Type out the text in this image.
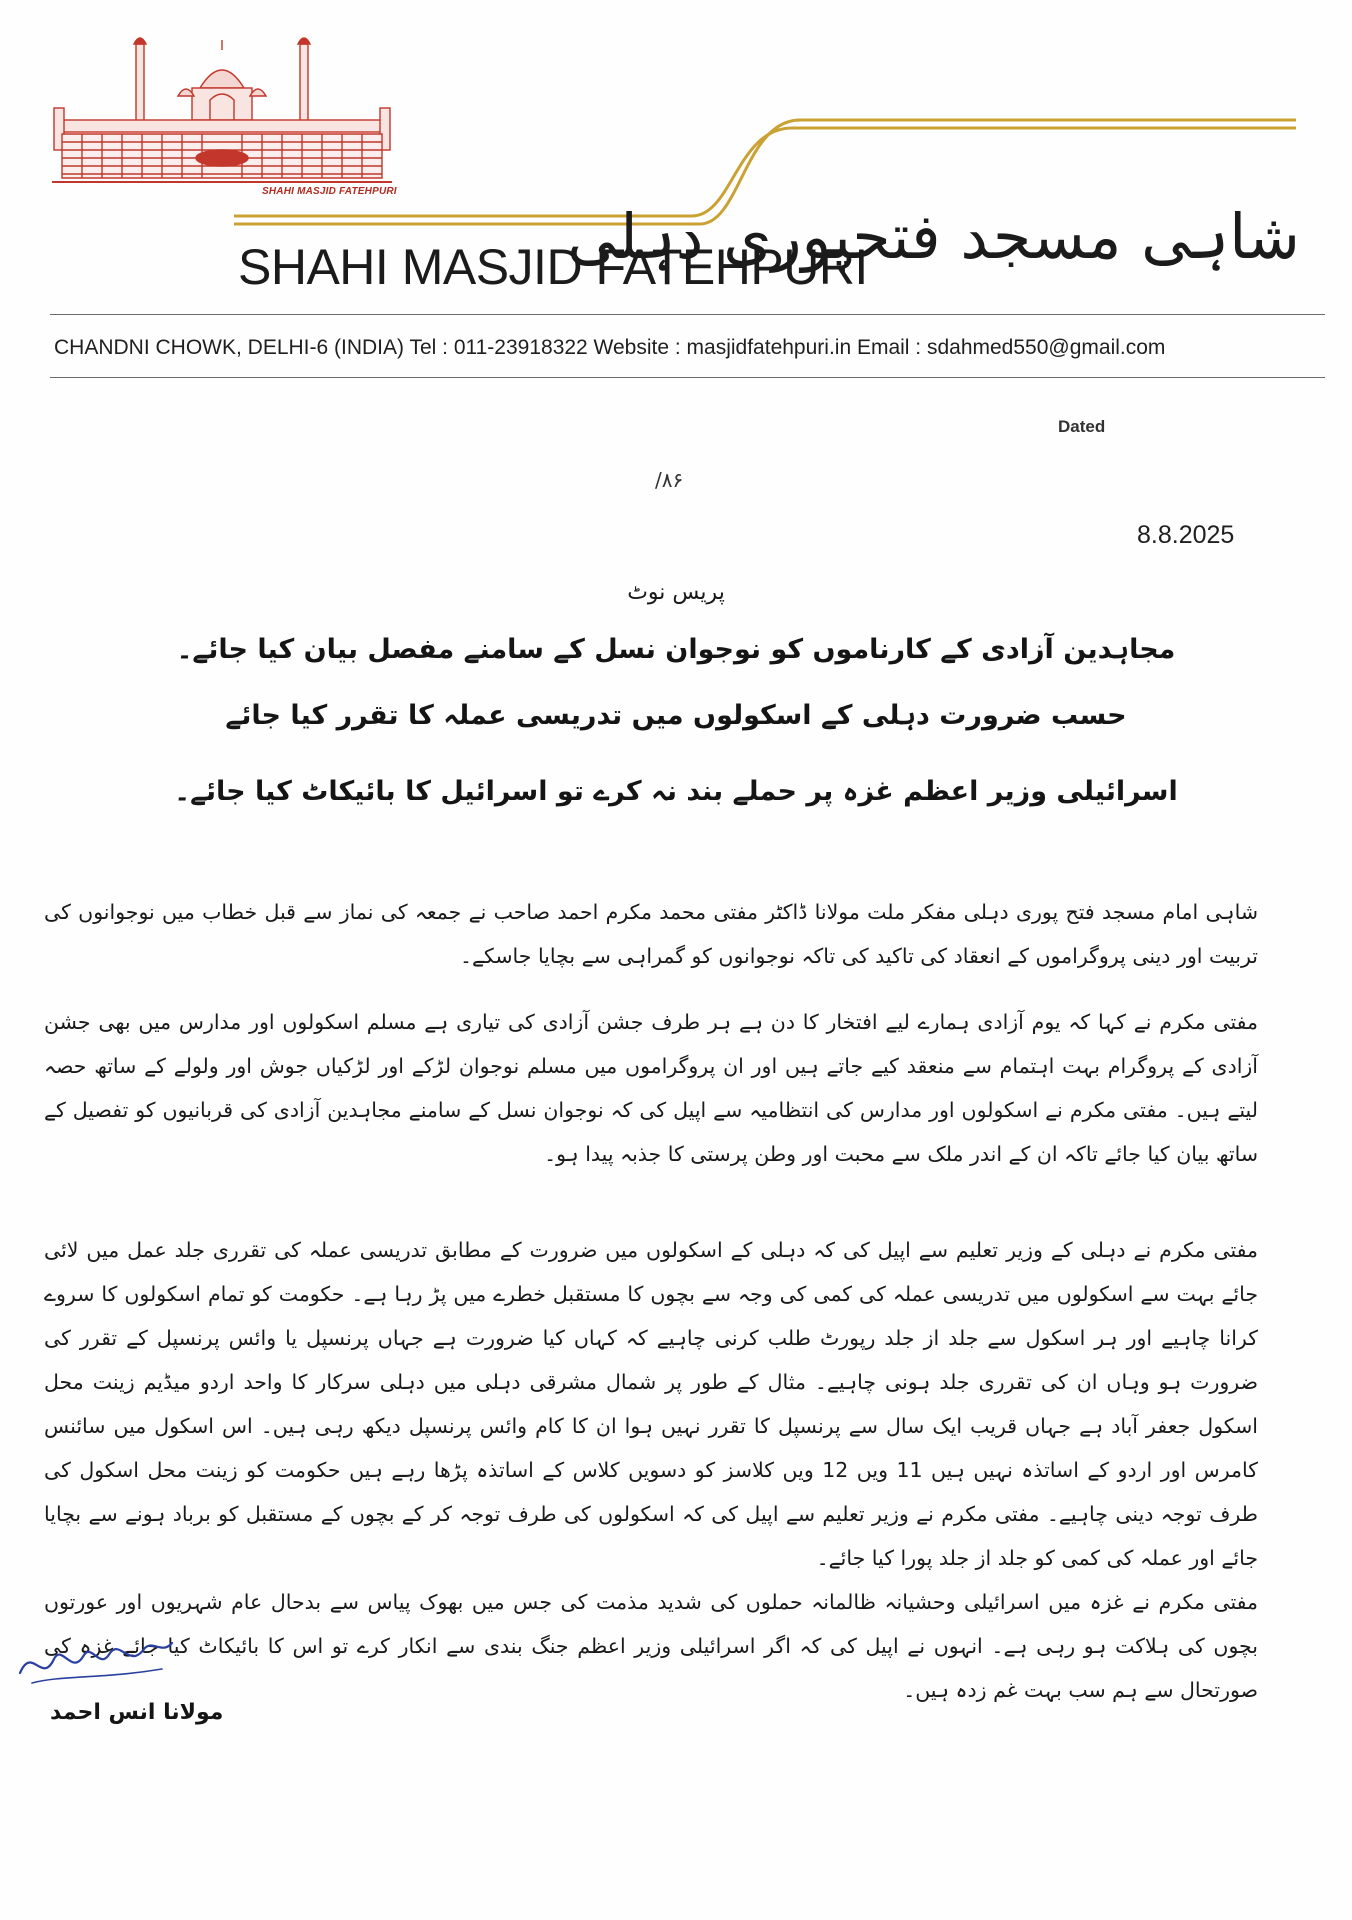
SHAHI MASJID FATEHPURI
SHAHI MASJID FATEHPURI
شاہی مسجد فتحپوری دہلی
CHANDNI CHOWK, DELHI-6 (INDIA) Tel : 011-23918322 Website : masjidfatehpuri.in Email : sdahmed550@gmail.com
Dated
۸۶/
8.8.2025
پریس نوٹ
مجاہدین آزادی کے کارناموں کو نوجوان نسل کے سامنے مفصل بیان کیا جائے۔
حسب ضرورت دہلی کے اسکولوں میں تدریسی عملہ کا تقرر کیا جائے
اسرائیلی وزیر اعظم غزہ پر حملے بند نہ کرے تو اسرائیل کا بائیکاٹ کیا جائے۔

شاہی امام مسجد فتح پوری دہلی مفکر ملت مولانا ڈاکٹر مفتی محمد مکرم احمد صاحب نے جمعہ کی نماز سے قبل خطاب میں نوجوانوں کی تربیت اور دینی پروگراموں کے انعقاد کی تاکید کی تاکہ نوجوانوں کو گمراہی سے بچایا جاسکے۔

مفتی مکرم نے کہا کہ یوم آزادی ہمارے لیے افتخار کا دن ہے ہر طرف جشن آزادی کی تیاری ہے مسلم اسکولوں اور مدارس میں بھی جشن آزادی کے پروگرام بہت اہتمام سے منعقد کیے جاتے ہیں اور ان پروگراموں میں مسلم نوجوان لڑکے اور لڑکیاں جوش اور ولولے کے ساتھ حصہ لیتے ہیں۔ مفتی مکرم نے اسکولوں اور مدارس کی انتظامیہ سے اپیل کی کہ نوجوان نسل کے سامنے مجاہدین آزادی کی قربانیوں کو تفصیل کے ساتھ بیان کیا جائے تاکہ ان کے اندر ملک سے محبت اور وطن پرستی کا جذبہ پیدا ہو۔

مفتی مکرم نے دہلی کے وزیر تعلیم سے اپیل کی کہ دہلی کے اسکولوں میں ضرورت کے مطابق تدریسی عملہ کی تقرری جلد عمل میں لائی جائے بہت سے اسکولوں میں تدریسی عملہ کی کمی کی وجہ سے بچوں کا مستقبل خطرے میں پڑ رہا ہے۔ حکومت کو تمام اسکولوں کا سروے کرانا چاہیے اور ہر اسکول سے جلد از جلد رپورٹ طلب کرنی چاہیے کہ کہاں کیا ضرورت ہے جہاں پرنسپل یا وائس پرنسپل کے تقرر کی ضرورت ہو وہاں ان کی تقرری جلد ہونی چاہیے۔ مثال کے طور پر شمال مشرقی دہلی میں دہلی سرکار کا واحد اردو میڈیم زینت محل اسکول جعفر آباد ہے جہاں قریب ایک سال سے پرنسپل کا تقرر نہیں ہوا ان کا کام وائس پرنسپل دیکھ رہی ہیں۔ اس اسکول میں سائنس کامرس اور اردو کے اساتذہ نہیں ہیں 11 ویں 12 ویں کلاسز کو دسویں کلاس کے اساتذہ پڑھا رہے ہیں حکومت کو زینت محل اسکول کی طرف توجہ دینی چاہیے۔ مفتی مکرم نے وزیر تعلیم سے اپیل کی کہ اسکولوں کی طرف توجہ کر کے بچوں کے مستقبل کو برباد ہونے سے بچایا جائے اور عملہ کی کمی کو جلد از جلد پورا کیا جائے۔

مفتی مکرم نے غزہ میں اسرائیلی وحشیانہ ظالمانہ حملوں کی شدید مذمت کی جس میں بھوک پیاس سے بدحال عام شہریوں اور عورتوں بچوں کی ہلاکت ہو رہی ہے۔ انہوں نے اپیل کی کہ اگر اسرائیلی وزیر اعظم جنگ بندی سے انکار کرے تو اس کا بائیکاٹ کیا جائے غزہ کی صورتحال سے ہم سب بہت غم زدہ ہیں۔

مولانا انس احمد
